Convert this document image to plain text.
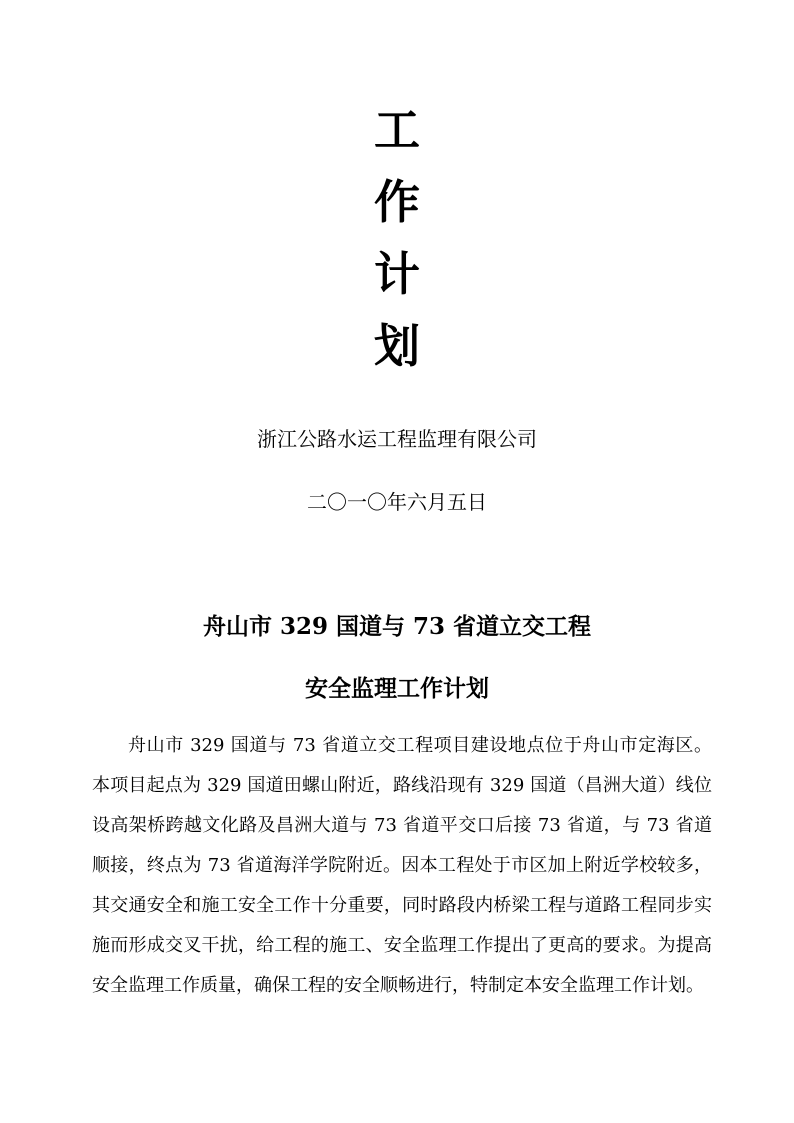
工
作
计
划
浙江公路水运工程监理有限公司
二〇一〇年六月五日
舟山市 329 国道与 73 省道立交工程
安全监理工作计划

舟山市 329 国道与 73 省道立交工程项目建设地点位于舟山市定海区。本项目起点为 329 国道田螺山附近，路线沿现有 329 国道（昌洲大道）线位设高架桥跨越文化路及昌洲大道与 73 省道平交口后接 73 省道，与 73 省道顺接，终点为 73 省道海洋学院附近。因本工程处于市区加上附近学校较多，其交通安全和施工安全工作十分重要，同时路段内桥梁工程与道路工程同步实施而形成交叉干扰，给工程的施工、安全监理工作提出了更高的要求。为提高安全监理工作质量，确保工程的安全顺畅进行，特制定本安全监理工作计划。
